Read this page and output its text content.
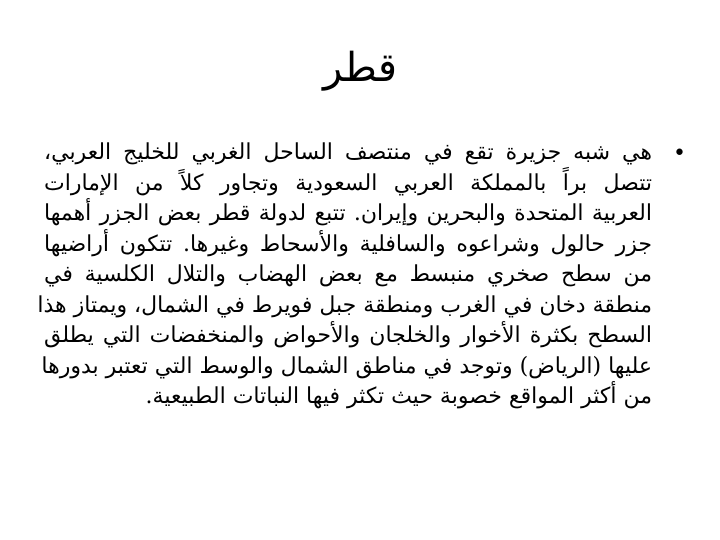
قطر
•
هي شبه جزيرة تقع في منتصف الساحل الغربي للخليج العربي،
تتصل براً بالمملكة العربي السعودية وتجاور كلاً من الإمارات
العربية المتحدة والبحرين وإيران. تتبع لدولة قطر بعض الجزر أهمها
جزر حالول وشراعوه والسافلية والأسحاط وغيرها. تتكون أراضيها
من سطح صخري منبسط مع بعض الهضاب والتلال الكلسية في
منطقة دخان في الغرب ومنطقة جبل فويرط في الشمال، ويمتاز هذا
السطح بكثرة الأخوار والخلجان والأحواض والمنخفضات التي يطلق
عليها (الرياض) وتوجد في مناطق الشمال والوسط التي تعتبر بدورها
من أكثر المواقع خصوبة حيث تكثر فيها النباتات الطبيعية.
